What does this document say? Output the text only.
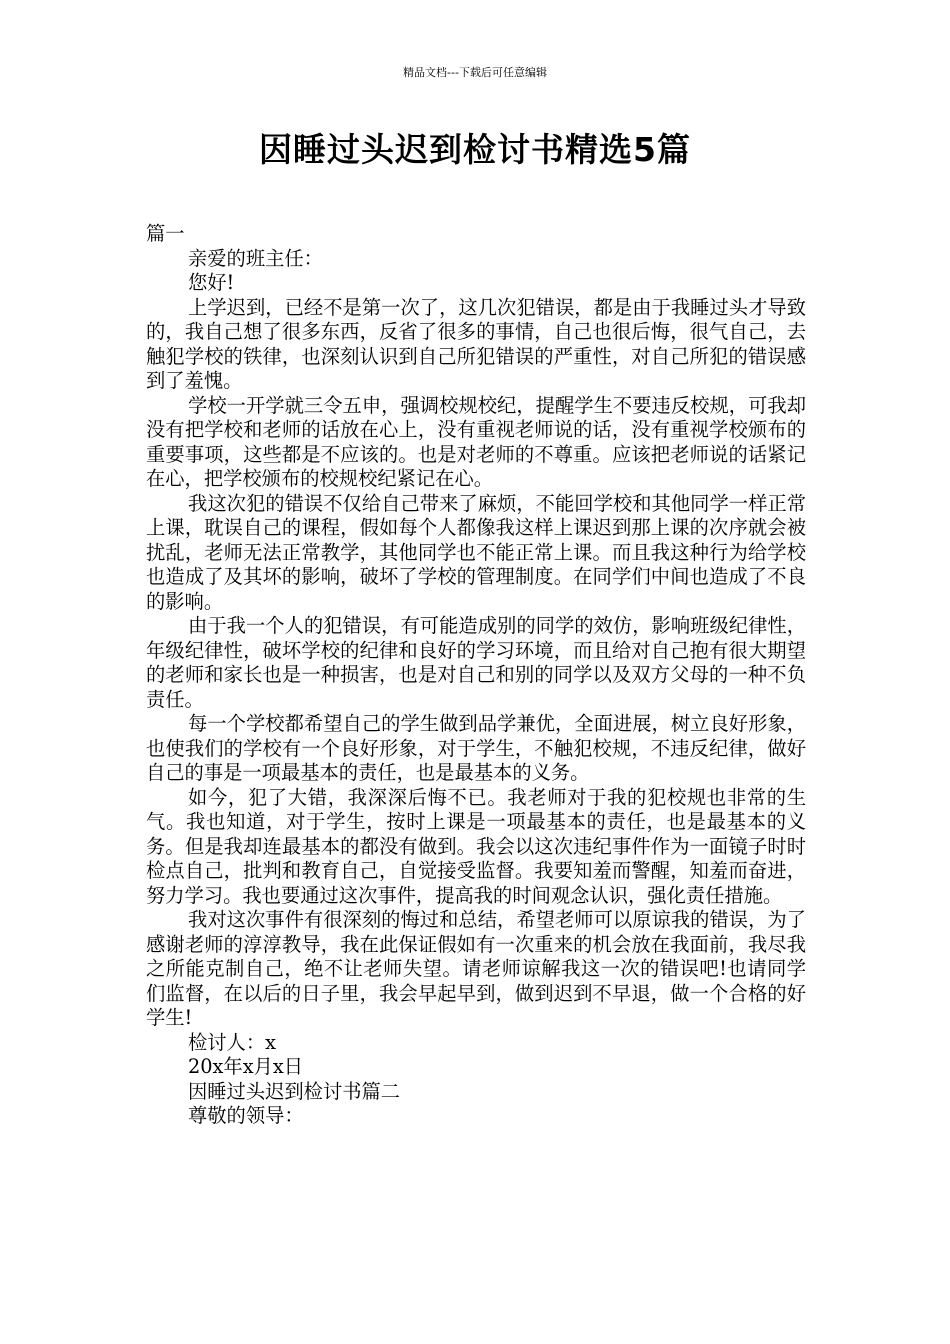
精品文档---下载后可任意编辑
因睡过头迟到检讨书精选5篇

篇一

亲爱的班主任：

您好!

上学迟到，已经不是第一次了，这几次犯错误，都是由于我睡过头才导致的，我自己想了很多东西，反省了很多的事情，自己也很后悔，很气自己，去触犯学校的铁律，也深刻认识到自己所犯错误的严重性，对自己所犯的错误感到了羞愧。

学校一开学就三令五申，强调校规校纪，提醒学生不要违反校规，可我却没有把学校和老师的话放在心上，没有重视老师说的话，没有重视学校颁布的重要事项，这些都是不应该的。也是对老师的不尊重。应该把老师说的话紧记在心，把学校颁布的校规校纪紧记在心。

我这次犯的错误不仅给自己带来了麻烦，不能回学校和其他同学一样正常上课，耽误自己的课程，假如每个人都像我这样上课迟到那上课的次序就会被扰乱，老师无法正常教学，其他同学也不能正常上课。而且我这种行为给学校也造成了及其坏的影响，破坏了学校的管理制度。在同学们中间也造成了不良的影响。

由于我一个人的犯错误，有可能造成别的同学的效仿，影响班级纪律性，年级纪律性，破坏学校的纪律和良好的学习环境，而且给对自己抱有很大期望的老师和家长也是一种损害，也是对自己和别的同学以及双方父母的一种不负责任。

每一个学校都希望自己的学生做到品学兼优，全面进展，树立良好形象，也使我们的学校有一个良好形象，对于学生，不触犯校规，不违反纪律，做好自己的事是一项最基本的责任，也是最基本的义务。

如今，犯了大错，我深深后悔不已。我老师对于我的犯校规也非常的生气。我也知道，对于学生，按时上课是一项最基本的责任，也是最基本的义务。但是我却连最基本的都没有做到。我会以这次违纪事件作为一面镜子时时检点自己，批判和教育自己，自觉接受监督。我要知羞而警醒，知羞而奋进，努力学习。我也要通过这次事件，提高我的时间观念认识，强化责任措施。

我对这次事件有很深刻的悔过和总结，希望老师可以原谅我的错误，为了感谢老师的淳淳教导，我在此保证假如有一次重来的机会放在我面前，我尽我之所能克制自己，绝不让老师失望。请老师谅解我这一次的错误吧!也请同学们监督，在以后的日子里，我会早起早到，做到迟到不早退，做一个合格的好学生!

检讨人：x

20x年x月x日

因睡过头迟到检讨书篇二

尊敬的领导：
